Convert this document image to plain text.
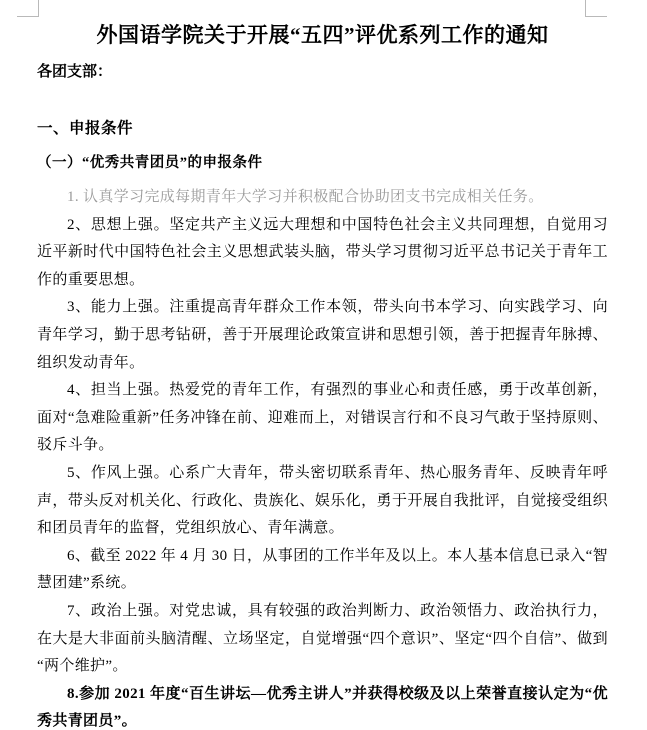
外国语学院关于开展“五四”评优系列工作的通知

各团支部：

一、申报条件
（一）“优秀共青团员”的申报条件

1. 认真学习完成每期青年大学习并积极配合协助团支书完成相关任务。

2、思想上强。坚定共产主义远大理想和中国特色社会主义共同理想，自觉用习近平新时代中国特色社会主义思想武装头脑，带头学习贯彻习近平总书记关于青年工作的重要思想。

3、能力上强。注重提高青年群众工作本领，带头向书本学习、向实践学习、向青年学习，勤于思考钻研，善于开展理论政策宣讲和思想引领，善于把握青年脉搏、组织发动青年。

4、担当上强。热爱党的青年工作，有强烈的事业心和责任感，勇于改革创新，面对“急难险重新”任务冲锋在前、迎难而上，对错误言行和不良习气敢于坚持原则、驳斥斗争。

5、作风上强。心系广大青年，带头密切联系青年、热心服务青年、反映青年呼声，带头反对机关化、行政化、贵族化、娱乐化，勇于开展自我批评，自觉接受组织和团员青年的监督，党组织放心、青年满意。

6、截至 2022 年 4 月 30 日，从事团的工作半年及以上。本人基本信息已录入“智慧团建”系统。

7、政治上强。对党忠诚，具有较强的政治判断力、政治领悟力、政治执行力，在大是大非面前头脑清醒、立场坚定，自觉增强“四个意识”、坚定“四个自信”、做到“两个维护”。

8.参加 2021 年度“百生讲坛—优秀主讲人”并获得校级及以上荣誉直接认定为“优秀共青团员”。
